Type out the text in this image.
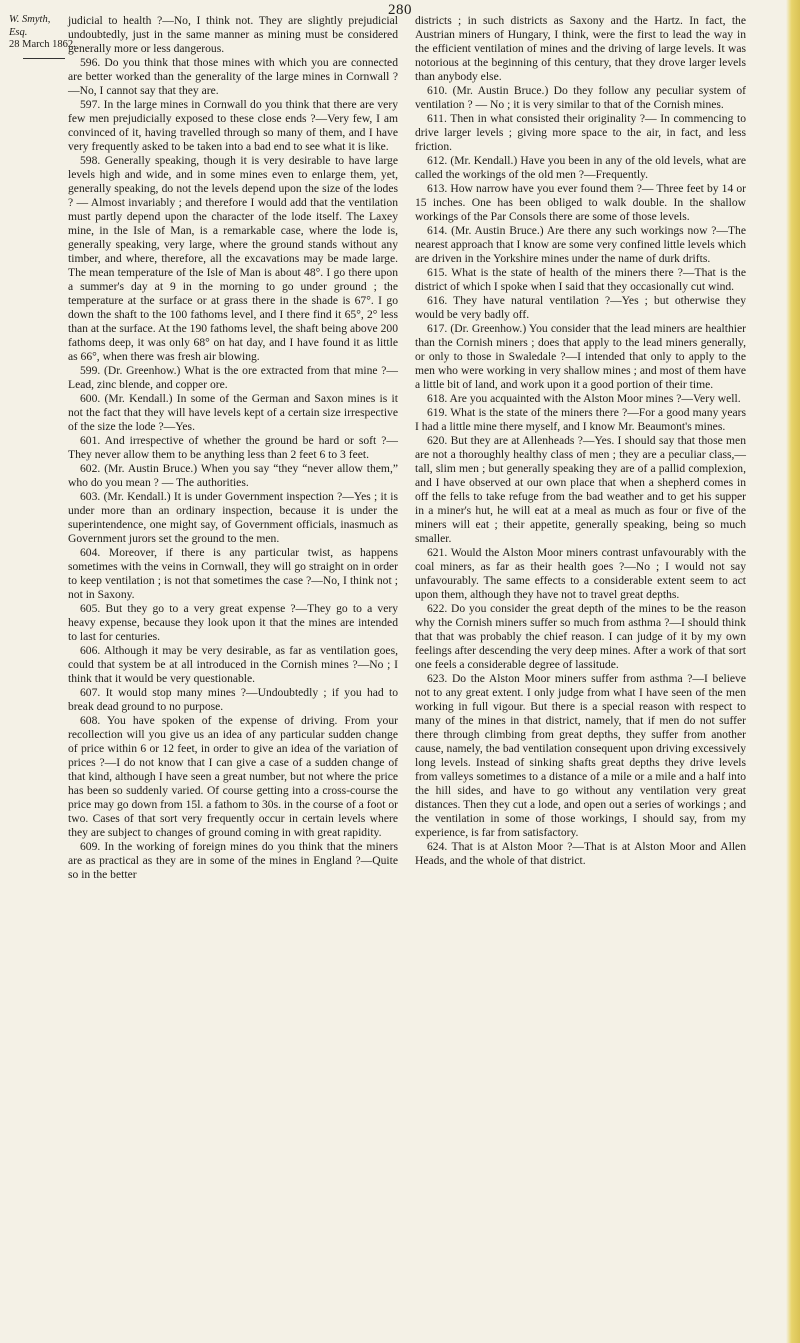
280
W. Smyth, Esq.
28 March 1862.

judicial to health ?—No, I think not. They are slightly prejudicial undoubtedly, just in the same manner as mining must be considered generally more or less dangerous.

596. Do you think that those mines with which you are connected are better worked than the generality of the large mines in Cornwall ?—No, I cannot say that they are.

597. In the large mines in Cornwall do you think that there are very few men prejudicially exposed to these close ends ?—Very few, I am convinced of it, having travelled through so many of them, and I have very frequently asked to be taken into a bad end to see what it is like.

598. Generally speaking, though it is very desirable to have large levels high and wide, and in some mines even to enlarge them, yet, generally speaking, do not the levels depend upon the size of the lodes ? — Almost invariably ; and therefore I would add that the ventilation must partly depend upon the character of the lode itself. The Laxey mine, in the Isle of Man, is a remarkable case, where the lode is, generally speaking, very large, where the ground stands without any timber, and where, therefore, all the excavations may be made large. The mean temperature of the Isle of Man is about 48°. I go there upon a summer's day at 9 in the morning to go under ground ; the temperature at the surface or at grass there in the shade is 67°. I go down the shaft to the 100 fathoms level, and I there find it 65°, 2° less than at the surface. At the 190 fathoms level, the shaft being above 200 fathoms deep, it was only 68° on hat day, and I have found it as little as 66°, when there was fresh air blowing.

599. (Dr. Greenhow.) What is the ore extracted from that mine ?—Lead, zinc blende, and copper ore.

600. (Mr. Kendall.) In some of the German and Saxon mines is it not the fact that they will have levels kept of a certain size irrespective of the size the lode ?—Yes.

601. And irrespective of whether the ground be hard or soft ?—They never allow them to be anything less than 2 feet 6 to 3 feet.

602. (Mr. Austin Bruce.) When you say “they “never allow them,” who do you mean ? — The authorities.

603. (Mr. Kendall.) It is under Government inspection ?—Yes ; it is under more than an ordinary inspection, because it is under the superintendence, one might say, of Government officials, inasmuch as Government jurors set the ground to the men.

604. Moreover, if there is any particular twist, as happens sometimes with the veins in Cornwall, they will go straight on in order to keep ventilation ; is not that sometimes the case ?—No, I think not ; not in Saxony.

605. But they go to a very great expense ?—They go to a very heavy expense, because they look upon it that the mines are intended to last for centuries.

606. Although it may be very desirable, as far as ventilation goes, could that system be at all introduced in the Cornish mines ?—No ; I think that it would be very questionable.

607. It would stop many mines ?—Undoubtedly ; if you had to break dead ground to no purpose.

608. You have spoken of the expense of driving. From your recollection will you give us an idea of any particular sudden change of price within 6 or 12 feet, in order to give an idea of the variation of prices ?—I do not know that I can give a case of a sudden change of that kind, although I have seen a great number, but not where the price has been so suddenly varied. Of course getting into a cross-course the price may go down from 15l. a fathom to 30s. in the course of a foot or two. Cases of that sort very frequently occur in certain levels where they are subject to changes of ground coming in with great rapidity.

609. In the working of foreign mines do you think that the miners are as practical as they are in some of the mines in England ?—Quite so in the better

districts ; in such districts as Saxony and the Hartz. In fact, the Austrian miners of Hungary, I think, were the first to lead the way in the efficient ventilation of mines and the driving of large levels. It was notorious at the beginning of this century, that they drove larger levels than anybody else.

610. (Mr. Austin Bruce.) Do they follow any peculiar system of ventilation ? — No ; it is very similar to that of the Cornish mines.

611. Then in what consisted their originality ?— In commencing to drive larger levels ; giving more space to the air, in fact, and less friction.

612. (Mr. Kendall.) Have you been in any of the old levels, what are called the workings of the old men ?—Frequently.

613. How narrow have you ever found them ?— Three feet by 14 or 15 inches. One has been obliged to walk double. In the shallow workings of the Par Consols there are some of those levels.

614. (Mr. Austin Bruce.) Are there any such workings now ?—The nearest approach that I know are some very confined little levels which are driven in the Yorkshire mines under the name of durk drifts.

615. What is the state of health of the miners there ?—That is the district of which I spoke when I said that they occasionally cut wind.

616. They have natural ventilation ?—Yes ; but otherwise they would be very badly off.

617. (Dr. Greenhow.) You consider that the lead miners are healthier than the Cornish miners ; does that apply to the lead miners generally, or only to those in Swaledale ?—I intended that only to apply to the men who were working in very shallow mines ; and most of them have a little bit of land, and work upon it a good portion of their time.

618. Are you acquainted with the Alston Moor mines ?—Very well.

619. What is the state of the miners there ?—For a good many years I had a little mine there myself, and I know Mr. Beaumont's mines.

620. But they are at Allenheads ?—Yes. I should say that those men are not a thoroughly healthy class of men ; they are a peculiar class,—tall, slim men ; but generally speaking they are of a pallid complexion, and I have observed at our own place that when a shepherd comes in off the fells to take refuge from the bad weather and to get his supper in a miner's hut, he will eat at a meal as much as four or five of the miners will eat ; their appetite, generally speaking, being so much smaller.

621. Would the Alston Moor miners contrast unfavourably with the coal miners, as far as their health goes ?—No ; I would not say unfavourably. The same effects to a considerable extent seem to act upon them, although they have not to travel great depths.

622. Do you consider the great depth of the mines to be the reason why the Cornish miners suffer so much from asthma ?—I should think that that was probably the chief reason. I can judge of it by my own feelings after descending the very deep mines. After a work of that sort one feels a considerable degree of lassitude.

623. Do the Alston Moor miners suffer from asthma ?—I believe not to any great extent. I only judge from what I have seen of the men working in full vigour. But there is a special reason with respect to many of the mines in that district, namely, that if men do not suffer there through climbing from great depths, they suffer from another cause, namely, the bad ventilation consequent upon driving excessively long levels. Instead of sinking shafts great depths they drive levels from valleys sometimes to a distance of a mile or a mile and a half into the hill sides, and have to go without any ventilation very great distances. Then they cut a lode, and open out a series of workings ; and the ventilation in some of those workings, I should say, from my experience, is far from satisfactory.

624. That is at Alston Moor ?—That is at Alston Moor and Allen Heads, and the whole of that district.
